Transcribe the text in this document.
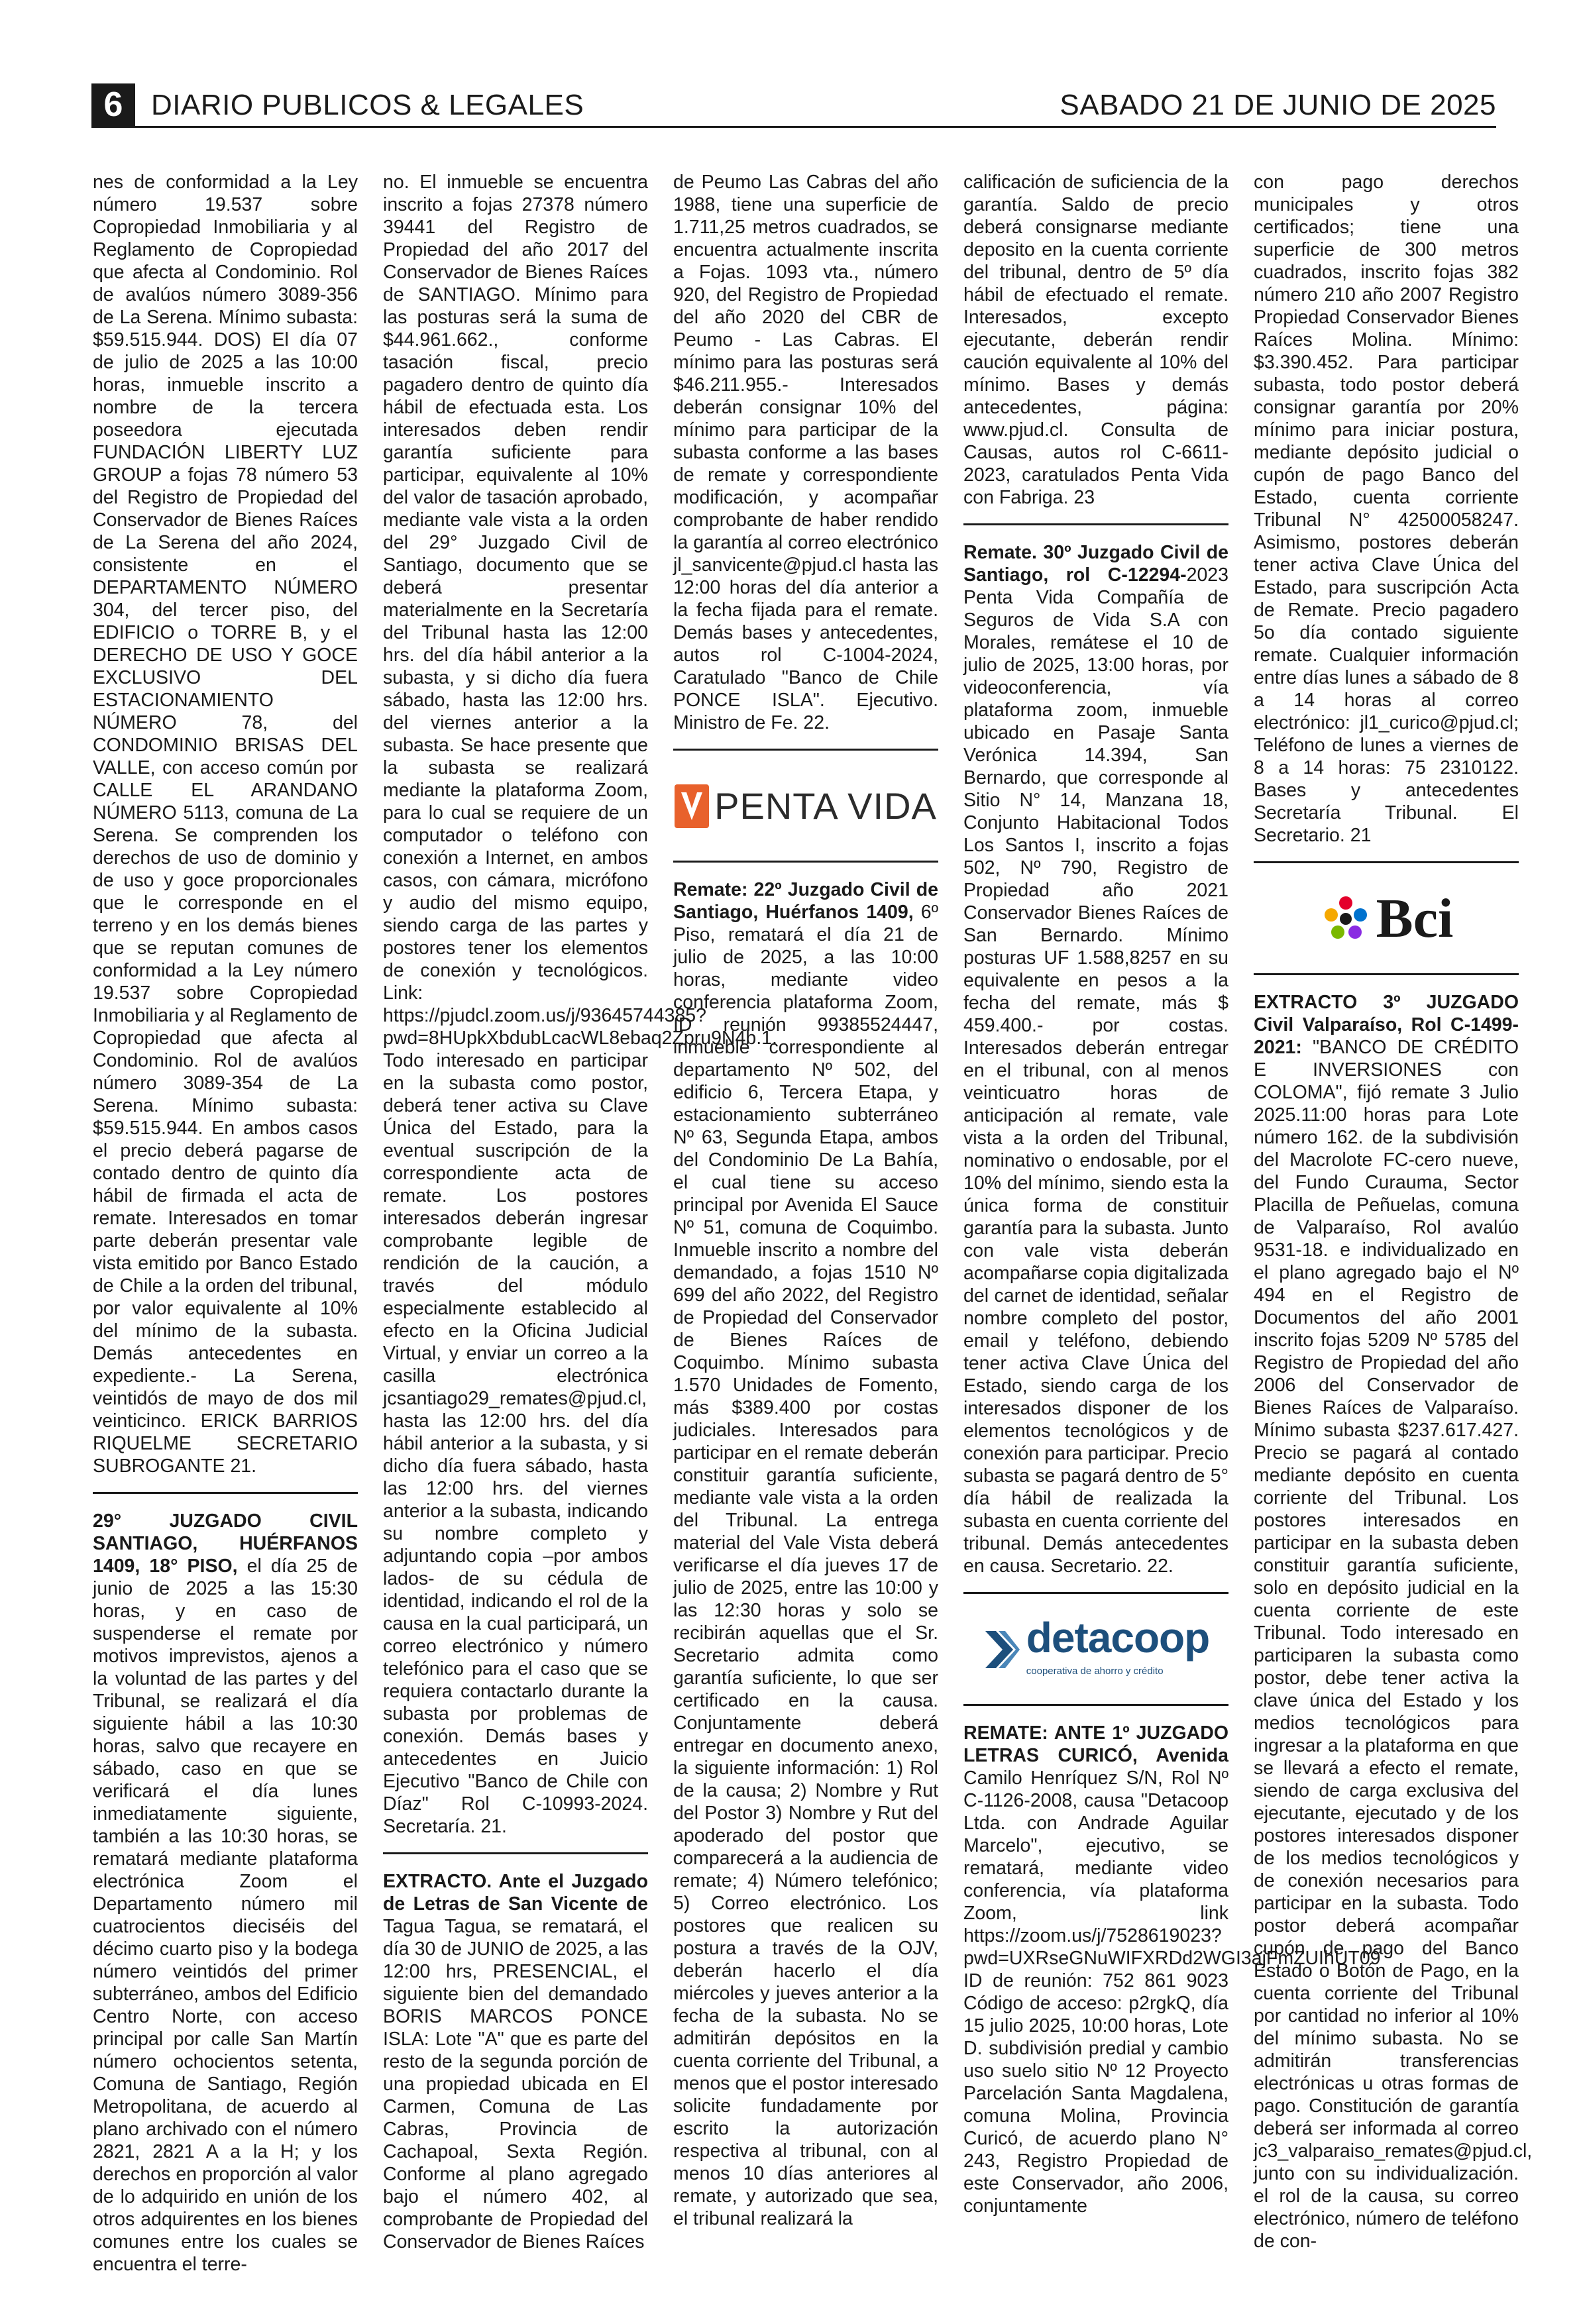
6 DIARIO PUBLICOS & LEGALES	SABADO 21 DE JUNIO DE 2025
nes de conformidad a la Ley número 19.537 sobre Copropiedad Inmobiliaria y al Reglamento de Copropiedad que afecta al Condominio. Rol de avalúos número 3089-356 de La Serena. Mínimo subasta: $59.515.944. DOS) El día 07 de julio de 2025 a las 10:00 horas, inmueble inscrito a nombre de la tercera poseedora ejecutada FUNDACIÓN LIBERTY LUZ GROUP a fojas 78 número 53 del Registro de Propiedad del Conservador de Bienes Raíces de La Serena del año 2024, consistente en el DEPARTAMENTO NÚMERO 304, del tercer piso, del EDIFICIO o TORRE B, y el DERECHO DE USO Y GOCE EXCLUSIVO DEL ESTACIONAMIENTO NÚMERO 78, del CONDOMINIO BRISAS DEL VALLE, con acceso común por CALLE EL ARANDANO NÚMERO 5113, comuna de La Serena. Se comprenden los derechos de uso de dominio y de uso y goce proporcionales que le corresponde en el terreno y en los demás bienes que se reputan comunes de conformidad a la Ley número 19.537 sobre Copropiedad Inmobiliaria y al Reglamento de Copropiedad que afecta al Condominio. Rol de avalúos número 3089-354 de La Serena. Mínimo subasta: $59.515.944. En ambos casos el precio deberá pagarse de contado dentro de quinto día hábil de firmada el acta de remate. Interesados en tomar parte deberán presentar vale vista emitido por Banco Estado de Chile a la orden del tribunal, por valor equivalente al 10% del mínimo de la subasta. Demás antecedentes en expediente.- La Serena, veintidós de mayo de dos mil veinticinco. ERICK BARRIOS RIQUELME SECRETARIO SUBROGANTE 21.
29° JUZGADO CIVIL SANTIAGO, HUÉRFANOS 1409, 18° PISO, el día 25 de junio de 2025 a las 15:30 horas, y en caso de suspenderse el remate por motivos imprevistos, ajenos a la voluntad de las partes y del Tribunal, se realizará el día siguiente hábil a las 10:30 horas, salvo que recayere en sábado, caso en que se verificará el día lunes inmediatamente siguiente, también a las 10:30 horas, se rematará mediante plataforma electrónica Zoom el Departamento número mil cuatrocientos dieciséis del décimo cuarto piso y la bodega número veintidós del primer subterráneo, ambos del Edificio Centro Norte, con acceso principal por calle San Martín número ochocientos setenta, Comuna de Santiago, Región Metropolitana, de acuerdo al plano archivado con el número 2821, 2821 A a la H; y los derechos en proporción al valor de lo adquirido en unión de los otros adquirentes en los bienes comunes entre los cuales se encuentra el terre-
no. El inmueble se encuentra inscrito a fojas 27378 número 39441 del Registro de Propiedad del año 2017 del Conservador de Bienes Raíces de SANTIAGO. Mínimo para las posturas será la suma de $44.961.662., conforme tasación fiscal, precio pagadero dentro de quinto día hábil de efectuada esta. Los interesados deben rendir garantía suficiente para participar, equivalente al 10% del valor de tasación aprobado, mediante vale vista a la orden del 29° Juzgado Civil de Santiago, documento que se deberá presentar materialmente en la Secretaría del Tribunal hasta las 12:00 hrs. del día hábil anterior a la subasta, y si dicho día fuera sábado, hasta las 12:00 hrs. del viernes anterior a la subasta. Se hace presente que la subasta se realizará mediante la plataforma Zoom, para lo cual se requiere de un computador o teléfono con conexión a Internet, en ambos casos, con cámara, micrófono y audio del mismo equipo, siendo carga de las partes y postores tener los elementos de conexión y tecnológicos. Link: https://pjudcl.zoom.us/j/93645744385?pwd=8HUpkXbdubLcacWL8ebaq2Zpru9N4b.1. Todo interesado en participar en la subasta como postor, deberá tener activa su Clave Única del Estado, para la eventual suscripción de la correspondiente acta de remate. Los postores interesados deberán ingresar comprobante legible de rendición de la caución, a través del módulo especialmente establecido al efecto en la Oficina Judicial Virtual, y enviar un correo a la casilla electrónica jcsantiago29_remates@pjud.cl, hasta las 12:00 hrs. del día hábil anterior a la subasta, y si dicho día fuera sábado, hasta las 12:00 hrs. del viernes anterior a la subasta, indicando su nombre completo y adjuntando copia –por ambos lados- de su cédula de identidad, indicando el rol de la causa en la cual participará, un correo electrónico y número telefónico para el caso que se requiera contactarlo durante la subasta por problemas de conexión. Demás bases y antecedentes en Juicio Ejecutivo "Banco de Chile con Díaz" Rol C-10993-2024. Secretaría. 21.
EXTRACTO. Ante el Juzgado de Letras de San Vicente de Tagua Tagua, se rematará, el día 30 de JUNIO de 2025, a las 12:00 hrs, PRESENCIAL, el siguiente bien del demandado BORIS MARCOS PONCE ISLA: Lote "A" que es parte del resto de la segunda porción de una propiedad ubicada en El Carmen, Comuna de Las Cabras, Provincia de Cachapoal, Sexta Región. Conforme al plano agregado bajo el número 402, al comprobante de Propiedad del Conservador de Bienes Raíces
de Peumo Las Cabras del año 1988, tiene una superficie de 1.711,25 metros cuadrados, se encuentra actualmente inscrita a Fojas. 1093 vta., número 920, del Registro de Propiedad del año 2020 del CBR de Peumo - Las Cabras. El mínimo para las posturas será $46.211.955.- Interesados deberán consignar 10% del mínimo para participar de la subasta conforme a las bases de remate y correspondiente modificación, y acompañar comprobante de haber rendido la garantía al correo electrónico jl_sanvicente@pjud.cl hasta las 12:00 horas del día anterior a la fecha fijada para el remate. Demás bases y antecedentes, autos rol C-1004-2024, Caratulado "Banco de Chile PONCE ISLA". Ejecutivo. Ministro de Fe. 22.
PENTA VIDA
Remate: 22º Juzgado Civil de Santiago, Huérfanos 1409, 6º Piso, rematará el día 21 de julio de 2025, a las 10:00 horas, mediante video conferencia plataforma Zoom, ID reunión 99385524447, inmueble correspondiente al departamento Nº 502, del edificio 6, Tercera Etapa, y estacionamiento subterráneo Nº 63, Segunda Etapa, ambos del Condominio De La Bahía, el cual tiene su acceso principal por Avenida El Sauce Nº 51, comuna de Coquimbo. Inmueble inscrito a nombre del demandado, a fojas 1510 Nº 699 del año 2022, del Registro de Propiedad del Conservador de Bienes Raíces de Coquimbo. Mínimo subasta 1.570 Unidades de Fomento, más $389.400 por costas judiciales. Interesados para participar en el remate deberán constituir garantía suficiente, mediante vale vista a la orden del Tribunal. La entrega material del Vale Vista deberá verificarse el día jueves 17 de julio de 2025, entre las 10:00 y las 12:30 horas y solo se recibirán aquellas que el Sr. Secretario admita como garantía suficiente, lo que ser certificado en la causa. Conjuntamente deberá entregar en documento anexo, la siguiente información: 1) Rol de la causa; 2) Nombre y Rut del Postor 3) Nombre y Rut del apoderado del postor que comparecerá a la audiencia de remate; 4) Número telefónico; 5) Correo electrónico. Los postores que realicen su postura a través de la OJV, deberán hacerlo el día miércoles y jueves anterior a la fecha de la subasta. No se admitirán depósitos en la cuenta corriente del Tribunal, a menos que el postor interesado solicite fundadamente por escrito la autorización respectiva al tribunal, con al menos 10 días anteriores al remate, y autorizado que sea, el tribunal realizará la
calificación de suficiencia de la garantía. Saldo de precio deberá consignarse mediante deposito en la cuenta corriente del tribunal, dentro de 5º día hábil de efectuado el remate. Interesados, excepto ejecutante, deberán rendir caución equivalente al 10% del mínimo. Bases y demás antecedentes, página: www.pjud.cl. Consulta de Causas, autos rol C-6611-2023, caratulados Penta Vida con Fabriga. 23
Remate. 30º Juzgado Civil de Santiago, rol C-12294-2023 Penta Vida Compañía de Seguros de Vida S.A con Morales, remátese el 10 de julio de 2025, 13:00 horas, por videoconferencia, vía plataforma zoom, inmueble ubicado en Pasaje Santa Verónica 14.394, San Bernardo, que corresponde al Sitio N° 14, Manzana 18, Conjunto Habitacional Todos Los Santos I, inscrito a fojas 502, Nº 790, Registro de Propiedad año 2021 Conservador Bienes Raíces de San Bernardo. Mínimo posturas UF 1.588,8257 en su equivalente en pesos a la fecha del remate, más $ 459.400.- por costas. Interesados deberán entregar en el tribunal, con al menos veinticuatro horas de anticipación al remate, vale vista a la orden del Tribunal, nominativo o endosable, por el 10% del mínimo, siendo esta la única forma de constituir garantía para la subasta. Junto con vale vista deberán acompañarse copia digitalizada del carnet de identidad, señalar nombre completo del postor, email y teléfono, debiendo tener activa Clave Única del Estado, siendo carga de los interesados disponer de los elementos tecnológicos y de conexión para participar. Precio subasta se pagará dentro de 5° día hábil de realizada la subasta en cuenta corriente del tribunal. Demás antecedentes en causa. Secretario. 22.
detacoop
cooperativa de ahorro y crédito
REMATE: ANTE 1º JUZGADO LETRAS CURICÓ, Avenida Camilo Henríquez S/N, Rol Nº C-1126-2008, causa "Detacoop Ltda. con Andrade Aguilar Marcelo", ejecutivo, se rematará, mediante video conferencia, vía plataforma Zoom, link https://zoom.us/j/7528619023?pwd=UXRseGNuWIFXRDd2WGI3ajFmZUIhUT09 ID de reunión: 752 861 9023 Código de acceso: p2rgkQ, día 15 julio 2025, 10:00 horas, Lote D. subdivisión predial y cambio uso suelo sitio Nº 12 Proyecto Parcelación Santa Magdalena, comuna Molina, Provincia Curicó, de acuerdo plano N° 243, Registro Propiedad de este Conservador, año 2006, conjuntamente
con pago derechos municipales y otros certificados; tiene una superficie de 300 metros cuadrados, inscrito fojas 382 número 210 año 2007 Registro Propiedad Conservador Bienes Raíces Molina. Mínimo: $3.390.452. Para participar subasta, todo postor deberá consignar garantía por 20% mínimo para iniciar postura, mediante depósito judicial o cupón de pago Banco del Estado, cuenta corriente Tribunal N° 42500058247. Asimismo, postores deberán tener activa Clave Única del Estado, para suscripción Acta de Remate. Precio pagadero 5o día contado siguiente remate. Cualquier información entre días lunes a sábado de 8 a 14 horas al correo electrónico: jl1_curico@pjud.cl; Teléfono de lunes a viernes de 8 a 14 horas: 75 2310122. Bases y antecedentes Secretaría Tribunal. El Secretario. 21
Bci
EXTRACTO 3º JUZGADO Civil Valparaíso, Rol C-1499-2021: "BANCO DE CRÉDITO E INVERSIONES con COLOMA", fijó remate 3 Julio 2025.11:00 horas para Lote número 162. de la subdivisión del Macrolote FC-cero nueve, del Fundo Curauma, Sector Placilla de Peñuelas, comuna de Valparaíso, Rol avalúo 9531-18. e individualizado en el plano agregado bajo el Nº 494 en el Registro de Documentos del año 2001 inscrito fojas 5209 Nº 5785 del Registro de Propiedad del año 2006 del Conservador de Bienes Raíces de Valparaíso. Mínimo subasta $237.617.427. Precio se pagará al contado mediante depósito en cuenta corriente del Tribunal. Los postores interesados en participar en la subasta deben constituir garantía suficiente, solo en depósito judicial en la cuenta corriente de este Tribunal. Todo interesado en participaren la subasta como postor, debe tener activa la clave única del Estado y los medios tecnológicos para ingresar a la plataforma en que se llevará a efecto el remate, siendo de carga exclusiva del ejecutante, ejecutado y de los postores interesados disponer de los medios tecnológicos y de conexión necesarios para participar en la subasta. Todo postor deberá acompañar cupón de pago del Banco Estado o Botón de Pago, en la cuenta corriente del Tribunal por cantidad no inferior al 10% del mínimo subasta. No se admitirán transferencias electrónicas u otras formas de pago. Constitución de garantía deberá ser informada al correo jc3_valparaiso_remates@pjud.cl, junto con su individualización. el rol de la causa, su correo electrónico, número de teléfono de con-
